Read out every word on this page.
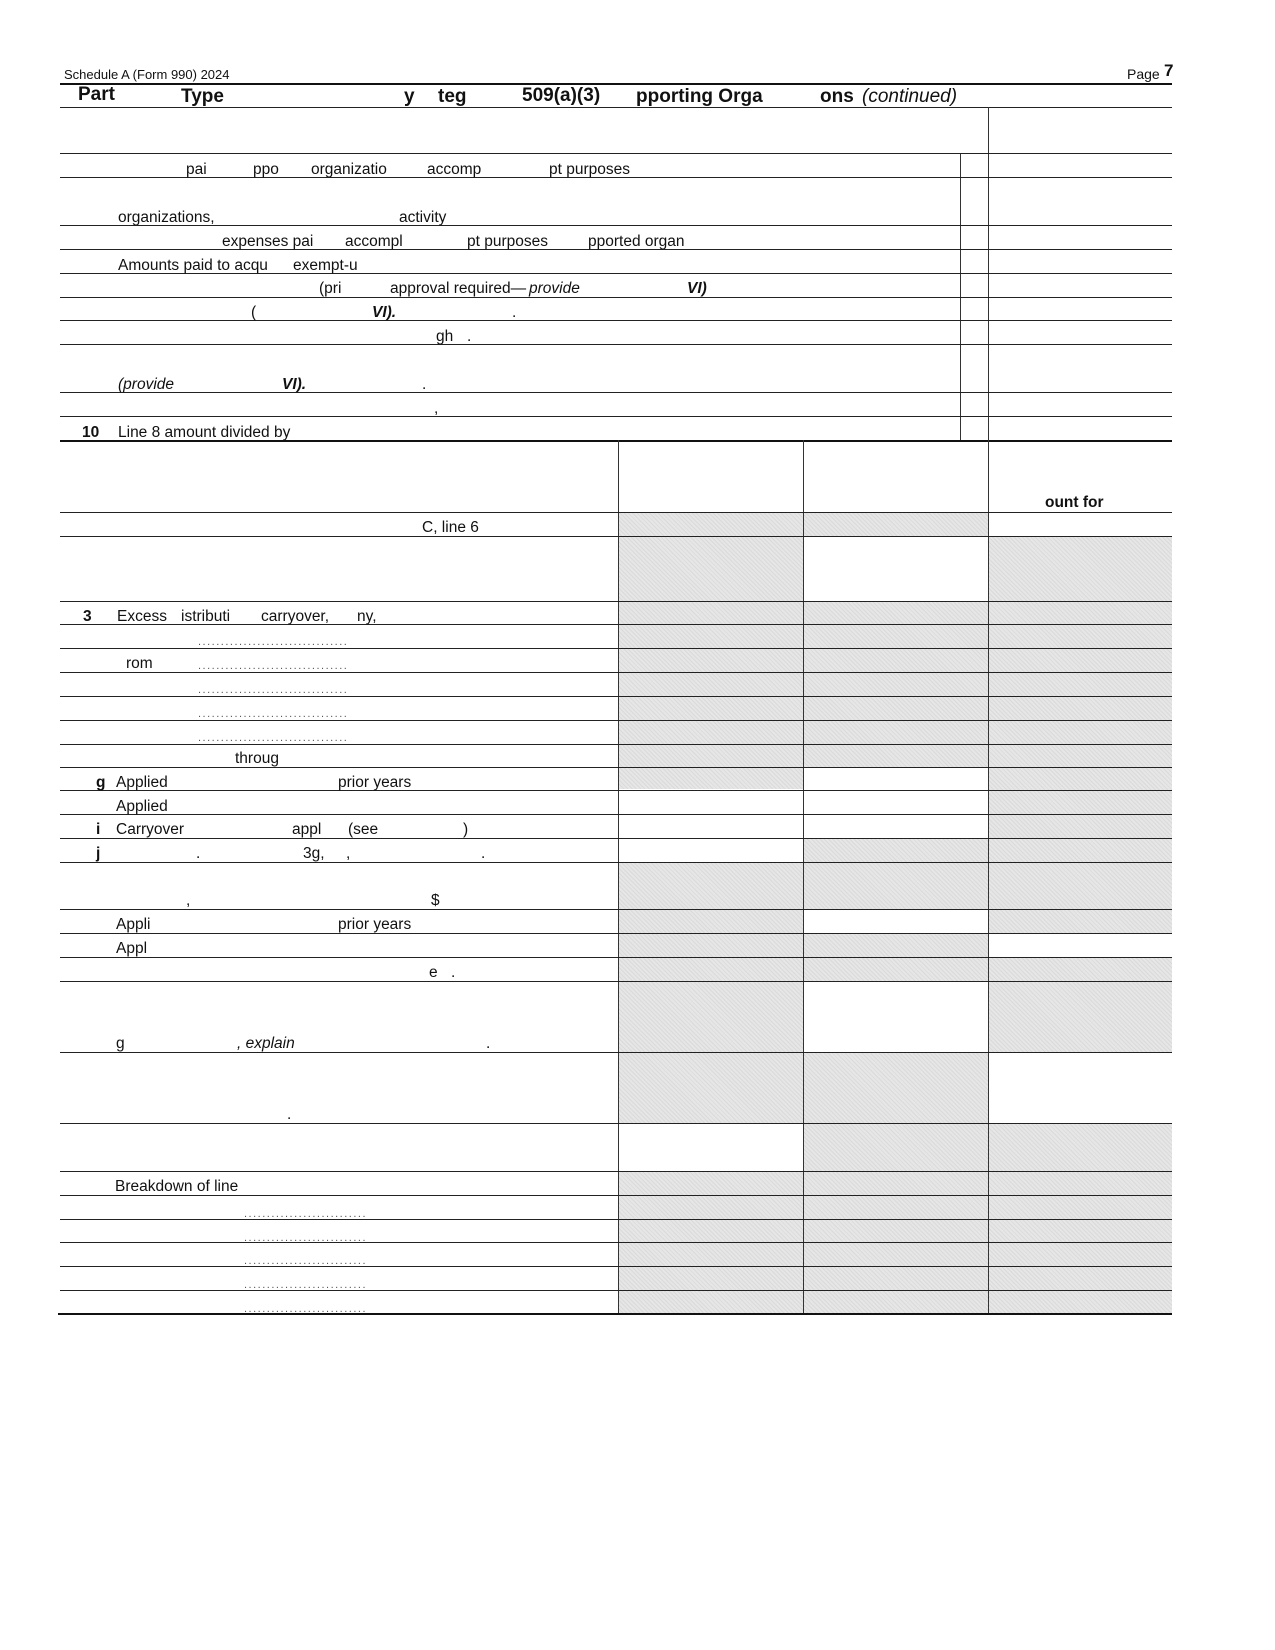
Schedule A (Form 990) 2024	Page 7
Part	Type	y teg	509(a)(3) pporting Orga	ons (continued)
pai	ppo organizatio	accomp	pt purposes
organizations,	activity
expenses pai accompl	pt purposes	pported organ
Amounts paid to acqu exempt-u
(pri	approval required— provide	VI)
(	VI).	.
gh .
(provide	VI).	.
,
10 Line 8 amount divided by
ount for
C, line 6
3 Excess istributi carryover, ny,
.................................
rom	.................................
.................................
.................................
.................................
throug
g Applied	prior years
Applied
i Carryover	appl (see	)
j	.	3g, ,	.
,	$
Appli	prior years
Appl
e .
g	, explain	.
.
Breakdown of line
...........................
...........................
...........................
...........................
...........................
